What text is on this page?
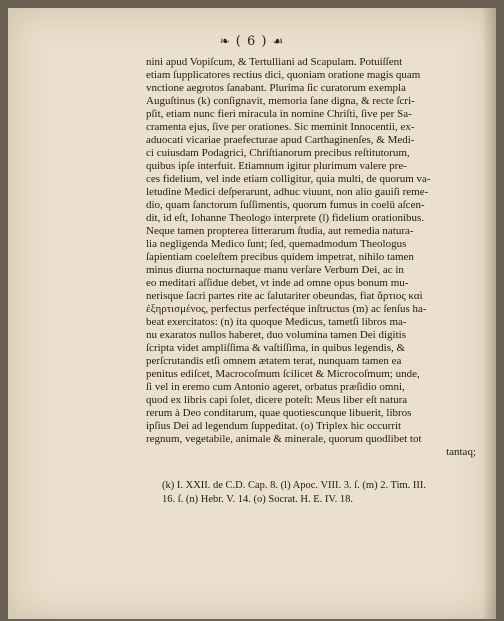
❧ ( 6 ) ☙
nini apud Vopiſcum, & Tertulliani ad Scapulam. Potuiſſent
etiam ſupplicatores rectius dici, quoniam oratione magis quam
vnctione aegrotos ſanabant. Plurima ſic curatorum exempla
Auguſtinus (k) conſignavit, memoria ſane digna, & recte ſcri-
pſit, etiam nunc fieri miracula in nomine Chriſti, ſive per Sa-
cramenta ejus, ſive per orationes. Sic meminit Innocentii, ex-
aduocati vicariae praefecturae apud Carthaginenſes, & Medi-
ci cuiusdam Podagrici, Chriſtianorum precibus reſtitutorum,
quibus ipſe interfuit. Etiamnum igitur plurimum valere pre-
ces fidelium, vel inde etiam colligitur, quia multi, de quorum va-
letudine Medici deſperarunt, adhuc viuunt, non alio gauiſi reme-
dio, quam ſanctorum ſuſſimentis, quorum fumus in coelū aſcen-
dit, id eſt, Iohanne Theologo interprete (l) fidelium orationibus.
Neque tamen propterea litterarum ſtudia, aut remedia natura-
lia negligenda Medico ſunt; ſed, quemadmodum Theologus
ſapientiam coeleſtem precibus quidem impetrat, nihilo tamen
minus diurna nocturnaque manu verſare Verbum Dei, ac in
eo meditari aſſidue debet, vt inde ad omne opus bonum mu-
nerisque ſacri partes rite ac ſalutariter obeundas, fiat ἄρτιος καὶ
ἐξηρτισμένος, perfectus perfectéque inſtructus (m) ac ſenſus ha-
beat exercitatos: (n) ita quoque Medicus, tametſi libros ma-
nu exaratos nullos haberet, duo volumina tamen Dei digitis
ſcripta videt ampliſſima & vaſtiſſima, in quibus legendis, &
perſcrutandis etſi omnem ætatem terat, nunquam tamen ea
penitus ediſcet, Macrocoſmum ſcilicet & Microcoſmum; unde,
ſi vel in eremo cum Antonio ageret, orbatus præſidio omni,
quod ex libris capi ſolet, dicere poteſt: Meus liber eſt natura
rerum à Deo conditarum, quae quotiescunque libuerit, libros
ipſius Dei ad legendum ſuppeditat. (o) Triplex hic occurrit
regnum, vegetabile, animale & minerale, quorum quodlibet tot
tantaq;
(k) I. XXII. de C.D. Cap. 8. (l) Apoc. VIII. 3. ſ. (m) 2. Tim. III.
16. ſ. (n) Hebr. V. 14. (o) Socrat. H. E. IV. 18.
